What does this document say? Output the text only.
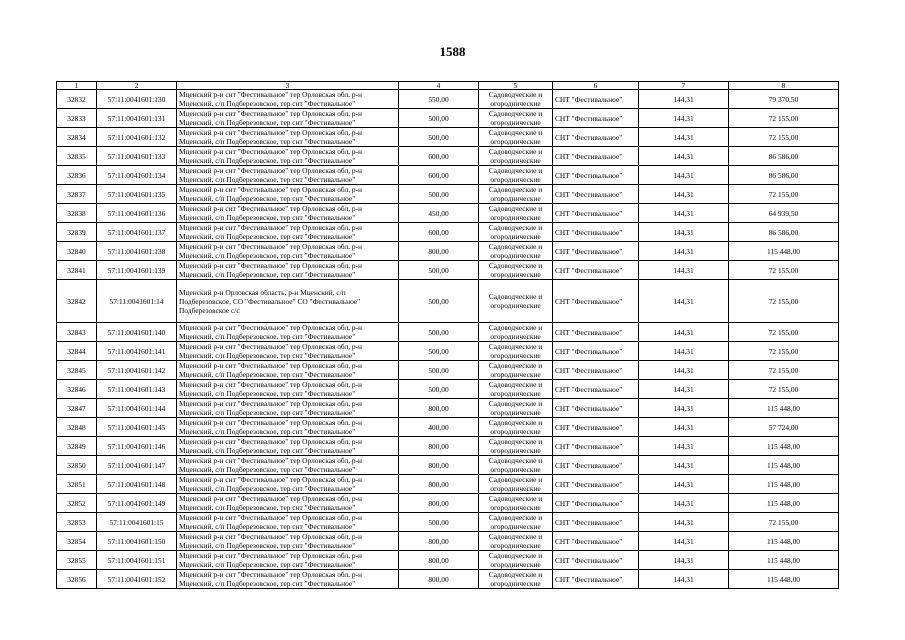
1588
1	2	3	4	5	6	7	8
32832	57:11:0041601:130	Мценский р-н снт "Фестивальное" тер Орловская обл, р-н Мценский, с/п Подберезовское, тер снт "Фестивальное"	550,00	Садоводческие и огороднические	СНТ "Фестивальное"	144,31	79 370,50
32833	57:11:0041601:131	Мценский р-н снт "Фестивальное" тер Орловская обл, р-н Мценский, с/п Подберезовское, тер снт "Фестивальное"	500,00	Садоводческие и огороднические	СНТ "Фестивальное"	144,31	72 155,00
32834	57:11:0041601:132	Мценский р-н снт "Фестивальное" тер Орловская обл, р-н Мценский, с/п Подберезовское, тер снт "Фестивальное"	500,00	Садоводческие и огороднические	СНТ "Фестивальное"	144,31	72 155,00
32835	57:11:0041601:133	Мценский р-н снт "Фестивальное" тер Орловская обл, р-н Мценский, с/п Подберезовское, тер снт "Фестивальное"	600,00	Садоводческие и огороднические	СНТ "Фестивальное"	144,31	86 586,00
32836	57:11:0041601:134	Мценский р-н снт "Фестивальное" тер Орловская обл, р-н Мценский, с/п Подберезовское, тер снт "Фестивальное"	600,00	Садоводческие и огороднические	СНТ "Фестивальное"	144,31	86 586,00
32837	57:11:0041601:135	Мценский р-н снт "Фестивальное" тер Орловская обл, р-н Мценский, с/п Подберезовское, тер снт "Фестивальное"	500,00	Садоводческие и огороднические	СНТ "Фестивальное"	144,31	72 155,00
32838	57:11:0041601:136	Мценский р-н снт "Фестивальное" тер Орловская обл, р-н Мценский, с/п Подберезовское, тер снт "Фестивальное"	450,00	Садоводческие и огороднические	СНТ "Фестивальное"	144,31	64 939,50
32839	57:11:0041601:137	Мценский р-н снт "Фестивальное" тер Орловская обл, р-н Мценский, с/п Подберезовское, тер снт "Фестивальное"	600,00	Садоводческие и огороднические	СНТ "Фестивальное"	144,31	86 586,00
32840	57:11:0041601:138	Мценский р-н снт "Фестивальное" тер Орловская обл, р-н Мценский, с/п Подберезовское, тер снт "Фестивальное"	800,00	Садоводческие и огороднические	СНТ "Фестивальное"	144,31	115 448,00
32841	57:11:0041601:139	Мценский р-н снт "Фестивальное" тер Орловская обл, р-н Мценский, с/п Подберезовское, тер снт "Фестивальное"	500,00	Садоводческие и огороднические	СНТ "Фестивальное"	144,31	72 155,00
32842	57:11:0041601:14	Мценский р-н Орловская область, р-н Мценский, с/п Подберезовское, СО "Фестивальное" СО "Фестивальное" Подберезовское с/с	500,00	Садоводческие и огороднические	СНТ "Фестивальное"	144,31	72 155,00
32843	57:11:0041601:140	Мценский р-н снт "Фестивальное" тер Орловская обл, р-н Мценский, с/п Подберезовское, тер снт "Фестивальное"	500,00	Садоводческие и огороднические	СНТ "Фестивальное"	144,31	72 155,00
32844	57:11:0041601:141	Мценский р-н снт "Фестивальное" тер Орловская обл, р-н Мценский, с/п Подберезовское, тер снт "Фестивальное"	500,00	Садоводческие и огороднические	СНТ "Фестивальное"	144,31	72 155,00
32845	57:11:0041601:142	Мценский р-н снт "Фестивальное" тер Орловская обл, р-н Мценский, с/п Подберезовское, тер снт "Фестивальное"	500,00	Садоводческие и огороднические	СНТ "Фестивальное"	144,31	72 155,00
32846	57:11:0041601:143	Мценский р-н снт "Фестивальное" тер Орловская обл, р-н Мценский, с/п Подберезовское, тер снт "Фестивальное"	500,00	Садоводческие и огороднические	СНТ "Фестивальное"	144,31	72 155,00
32847	57:11:0041601:144	Мценский р-н снт "Фестивальное" тер Орловская обл, р-н Мценский, с/п Подберезовское, тер снт "Фестивальное"	800,00	Садоводческие и огороднические	СНТ "Фестивальное"	144,31	115 448,00
32848	57:11:0041601:145	Мценский р-н снт "Фестивальное" тер Орловская обл, р-н Мценский, с/п Подберезовское, тер снт "Фестивальное"	400,00	Садоводческие и огороднические	СНТ "Фестивальное"	144,31	57 724,00
32849	57:11:0041601:146	Мценский р-н снт "Фестивальное" тер Орловская обл, р-н Мценский, с/п Подберезовское, тер снт "Фестивальное"	800,00	Садоводческие и огороднические	СНТ "Фестивальное"	144,31	115 448,00
32850	57:11:0041601:147	Мценский р-н снт "Фестивальное" тер Орловская обл, р-н Мценский, с/п Подберезовское, тер снт "Фестивальное"	800,00	Садоводческие и огороднические	СНТ "Фестивальное"	144,31	115 448,00
32851	57:11:0041601:148	Мценский р-н снт "Фестивальное" тер Орловская обл, р-н Мценский, с/п Подберезовское, тер снт "Фестивальное"	800,00	Садоводческие и огороднические	СНТ "Фестивальное"	144,31	115 448,00
32852	57:11:0041601:149	Мценский р-н снт "Фестивальное" тер Орловская обл, р-н Мценский, с/п Подберезовское, тер снт "Фестивальное"	800,00	Садоводческие и огороднические	СНТ "Фестивальное"	144,31	115 448,00
32853	57:11:0041601:15	Мценский р-н снт "Фестивальное" тер Орловская обл, р-н Мценский, с/п Подберезовское, тер снт "Фестивальное"	500,00	Садоводческие и огороднические	СНТ "Фестивальное"	144,31	72 155,00
32854	57:11:0041601:150	Мценский р-н снт "Фестивальное" тер Орловская обл, р-н Мценский, с/п Подберезовское, тер снт "Фестивальное"	800,00	Садоводческие и огороднические	СНТ "Фестивальное"	144,31	115 448,00
32855	57:11:0041601:151	Мценский р-н снт "Фестивальное" тер Орловская обл, р-н Мценский, с/п Подберезовское, тер снт "Фестивальное"	800,00	Садоводческие и огороднические	СНТ "Фестивальное"	144,31	115 448,00
32856	57:11:0041601:152	Мценский р-н снт "Фестивальное" тер Орловская обл, р-н Мценский, с/п Подберезовское, тер снт "Фестивальное"	800,00	Садоводческие и огороднические	СНТ "Фестивальное"	144,31	115 448,00
